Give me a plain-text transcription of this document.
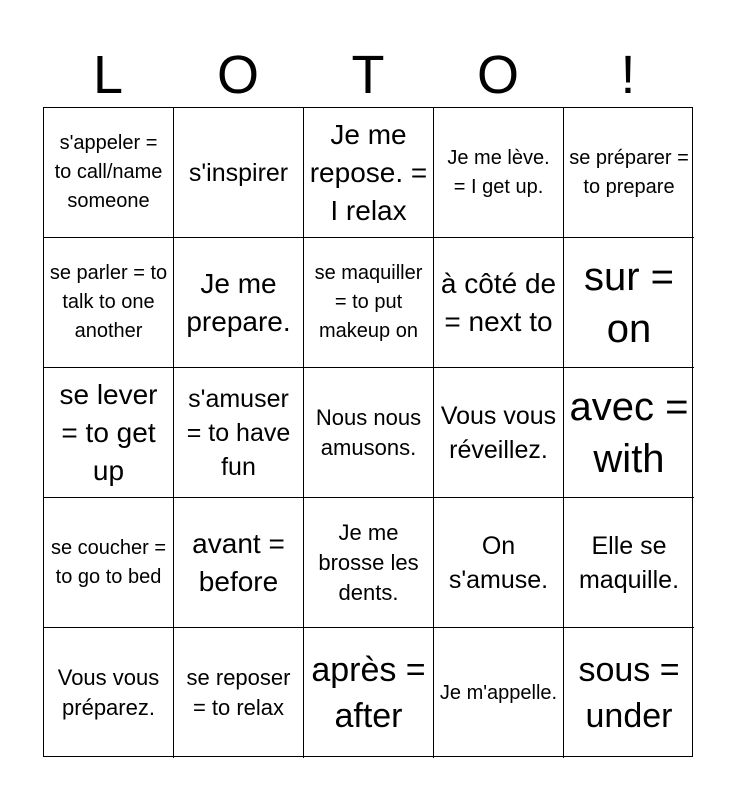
L	O	T	O	!
s'appeler = to call/name someone
s'inspirer
Je me repose. = I relax
Je me lève. = I get up.
se préparer = to prepare
se parler = to talk to one another
Je me prepare.
se maquiller = to put makeup on
à côté de = next to
sur = on
se lever = to get up
s'amuser = to have fun
Nous nous amusons.
Vous vous réveillez.
avec = with
se coucher = to go to bed
avant = before
Je me brosse les dents.
On s'amuse.
Elle se maquille.
Vous vous préparez.
se reposer = to relax
après = after
Je m'appelle.
sous = under
